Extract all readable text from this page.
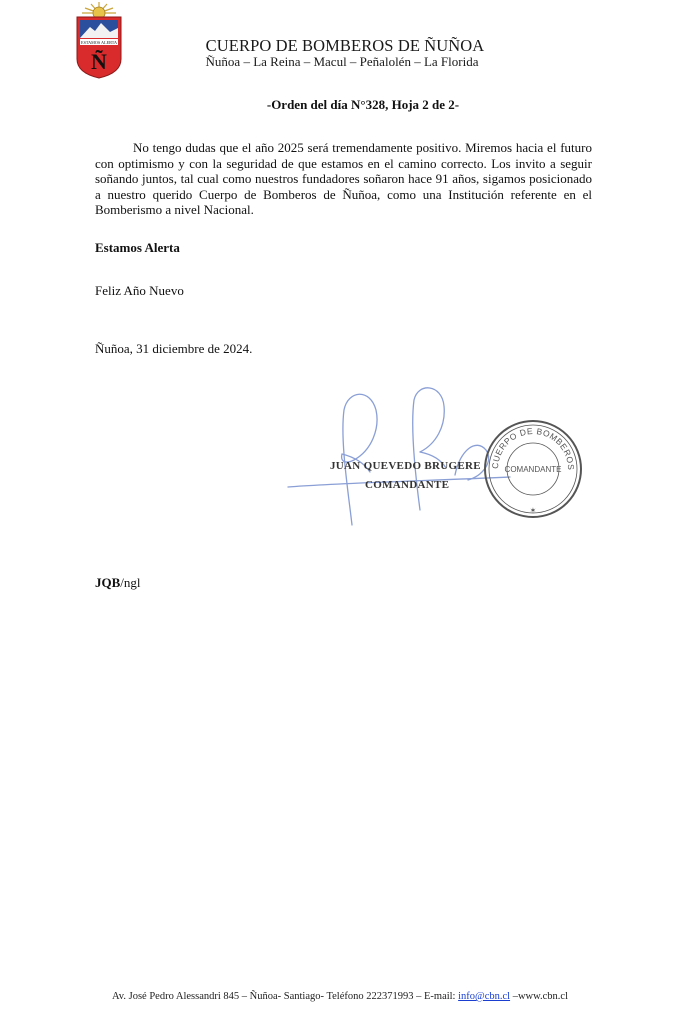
ESTAMOS ALERTA
Ñ
CUERPO DE BOMBEROS DE ÑUÑOA
Ñuñoa – La Reina – Macul – Peñalolén – La Florida
-Orden del día N°328, Hoja 2 de 2-

No tengo dudas que el año 2025 será tremendamente positivo. Miremos hacia el futuro con optimismo y con la seguridad de que estamos en el camino correcto. Los invito a seguir soñando juntos, tal cual como nuestros fundadores soñaron hace 91 años, sigamos posicionado a nuestro querido Cuerpo de Bomberos de Ñuñoa, como una Institución referente en el Bomberismo a nivel Nacional.

Estamos Alerta
Feliz Año Nuevo
Ñuñoa, 31 diciembre de 2024.
CUERPO DE BOMBEROS
COMANDANTE
✶
JUAN QUEVEDO BRUGERE
COMANDANTE
JQB/ngl
Av. José Pedro Alessandri 845 – Ñuñoa- Santiago- Teléfono 222371993 – E-mail: info@cbn.cl –www.cbn.cl
